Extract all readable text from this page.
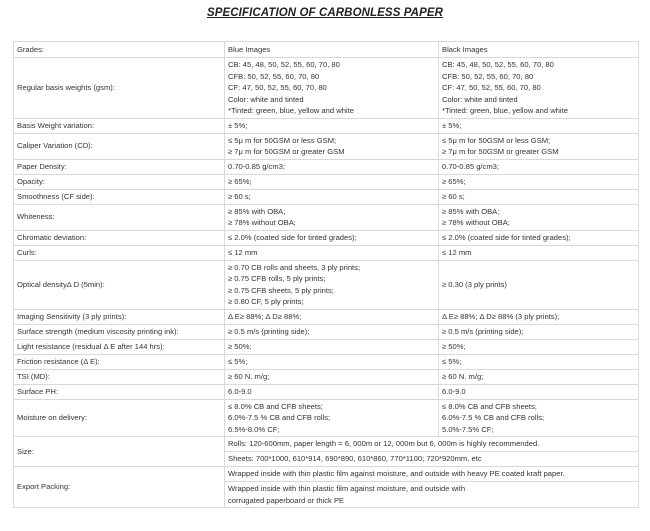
SPECIFICATION OF CARBONLESS PAPER
Grades:	Blue Images	Black Images
Regular basis weights (gsm):	CB: 45, 48, 50, 52, 55, 60, 70, 80
CFB: 50, 52, 55, 60, 70, 80
CF: 47, 50, 52, 55, 60, 70, 80
Color: white and tinted
*Tinted: green, blue, yellow and white	CB: 45, 48, 50, 52, 55, 60, 70, 80
CFB: 50, 52, 55, 60, 70, 80
CF: 47, 50, 52, 55, 60, 70, 80
Color: white and tinted
*Tinted: green, blue, yellow and white

Basis Weight variation:	± 5%;	± 5%;

Caliper Variation (CD):	≤ 5μ m for 50GSM or less GSM;
≥ 7μ m for 50GSM or greater GSM	≤ 5μ m for 50GSM or less GSM;
≥ 7μ m for 50GSM or greater GSM

Paper Density:	0.70-0.85 g/cm3;	0.70-0.85 g/cm3;

Opacity:	≥ 65%;	≥ 65%;

Smoothness (CF side):	≥ 60 s;	≥ 60 s;

Whiteness:	≥ 85% with OBA;
≥ 78% without OBA;	≥ 85% with OBA;
≥ 78% without OBA;

Chromatic deviation:	≤ 2.0% (coated side for tinted grades);	≤ 2.0% (coated side for tinted grades);

Curls:	≤ 12 mm	≤ 12 mm

Optical densityΔ D (5min):	≥ 0.70 CB rolls and sheets, 3 ply prints;
≥ 0.75 CFB rolls, 5 ply prints;
≥ 0.75 CFB sheets, 5 ply prints;
≥ 0.80 CF, 5 ply prints;	≥ 0.30 (3 ply prints)

Imaging Sensitivity (3 ply prints):	Δ E≥ 88%; Δ D≥ 88%;	Δ E≥ 88%; Δ D≥ 88% (3 ply prints);

Surface strength (medium viscosity printing ink):	≥ 0.5 m/s (printing side);	≥ 0.5 m/s (printing side);

Light resistance (residual Δ E after 144 hrs):	≥ 50%;	≥ 50%;

Friction resistance (Δ E):	≤ 5%;	≤ 5%;

TSI (MD):	≥ 60 N. m/g;	≥ 60 N. m/g;

Surface PH:	6.0-9.0	6.0-9.0

Moisture on delivery:	≤ 8.0% CB and CFB sheets;
6.0%-7.5 % CB and CFB rolls;
6.5%-8.0% CF;	≤ 8.0% CB and CFB sheets;
6.0%-7.5 % CB and CFB rolls;
5.0%-7.5% CF;

Size:	Rolls: 120-600mm, paper length = 6, 000m or 12, 000m but 6, 000m is highly recommended.	
	Sheets: 700*1000, 610*914, 690*890, 610*860, 770*1100; 720*920mm, etc	
Export Packing:	Wrapped inside with thin plastic film against moisture, and outside with heavy PE coated kraft paper.	

	Wrapped inside with thin plastic film against moisture, and outside with
corrugated paperboard or thick PE	
